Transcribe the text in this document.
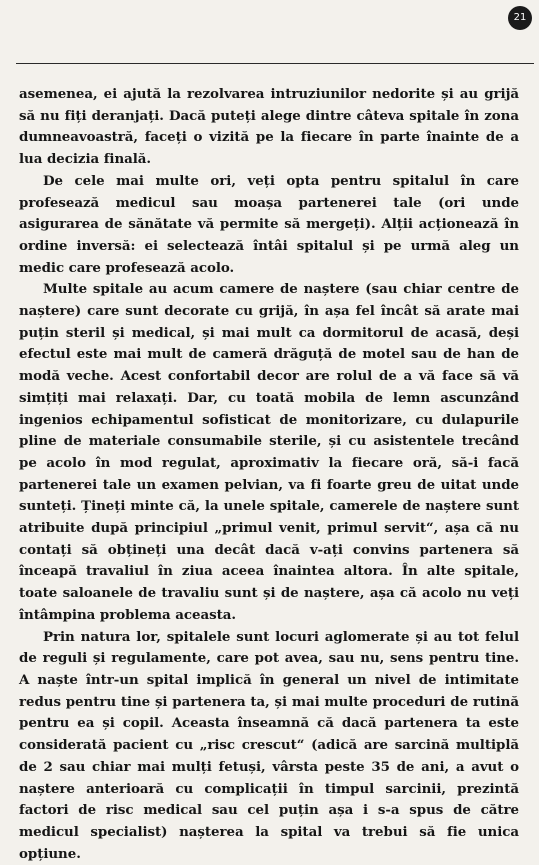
21

asemenea, ei ajută la rezolvarea intruziunilor nedorite și au grijă să nu fiți deranjați. Dacă puteți alege dintre câteva spitale în zona dumneavoastră, faceți o vizită pe la fiecare în parte înainte de a lua decizia finală.

De cele mai multe ori, veți opta pentru spitalul în care profesează medicul sau moașa partenerei tale (ori unde asigurarea de sănătate vă permite să mergeți). Alții acționează în ordine inversă: ei selectează întâi spitalul și pe urmă aleg un medic care profesează acolo.

Multe spitale au acum camere de naștere (sau chiar centre de naștere) care sunt decorate cu grijă, în așa fel încât să arate mai puțin steril și medical, și mai mult ca dormitorul de acasă, deși efectul este mai mult de cameră drăguță de motel sau de han de modă veche. Acest confortabil decor are rolul de a vă face să vă simțiți mai relaxați. Dar, cu toată mobila de lemn ascunzând ingenios echipamentul sofisticat de monitorizare, cu dulapurile pline de materiale consumabile sterile, și cu asistentele trecând pe acolo în mod regulat, aproximativ la fiecare oră, să-i facă partenerei tale un examen pelvian, va fi foarte greu de uitat unde sunteți. Țineți minte că, la unele spitale, camerele de naștere sunt atribuite după principiul „primul venit, primul servit“, așa că nu contați să obțineți una decât dacă v-ați convins partenera să înceapă travaliul în ziua aceea înaintea altora. În alte spitale, toate saloanele de travaliu sunt și de naștere, așa că acolo nu veți întâmpina problema aceasta.

Prin natura lor, spitalele sunt locuri aglomerate și au tot felul de reguli și regulamente, care pot avea, sau nu, sens pentru tine. A naște într-un spital implică în general un nivel de intimitate redus pentru tine și partenera ta, și mai multe proceduri de rutină pentru ea și copil. Aceasta înseamnă că dacă partenera ta este considerată pacient cu „risc crescut“ (adică are sarcină multiplă de 2 sau chiar mai mulți fetuși, vârsta peste 35 de ani, a avut o naștere anterioară cu complicații în timpul sarcinii, prezintă factori de risc medical sau cel puțin așa i s-a spus de către medicul specialist) nașterea la spital va trebui să fie unica opțiune.
